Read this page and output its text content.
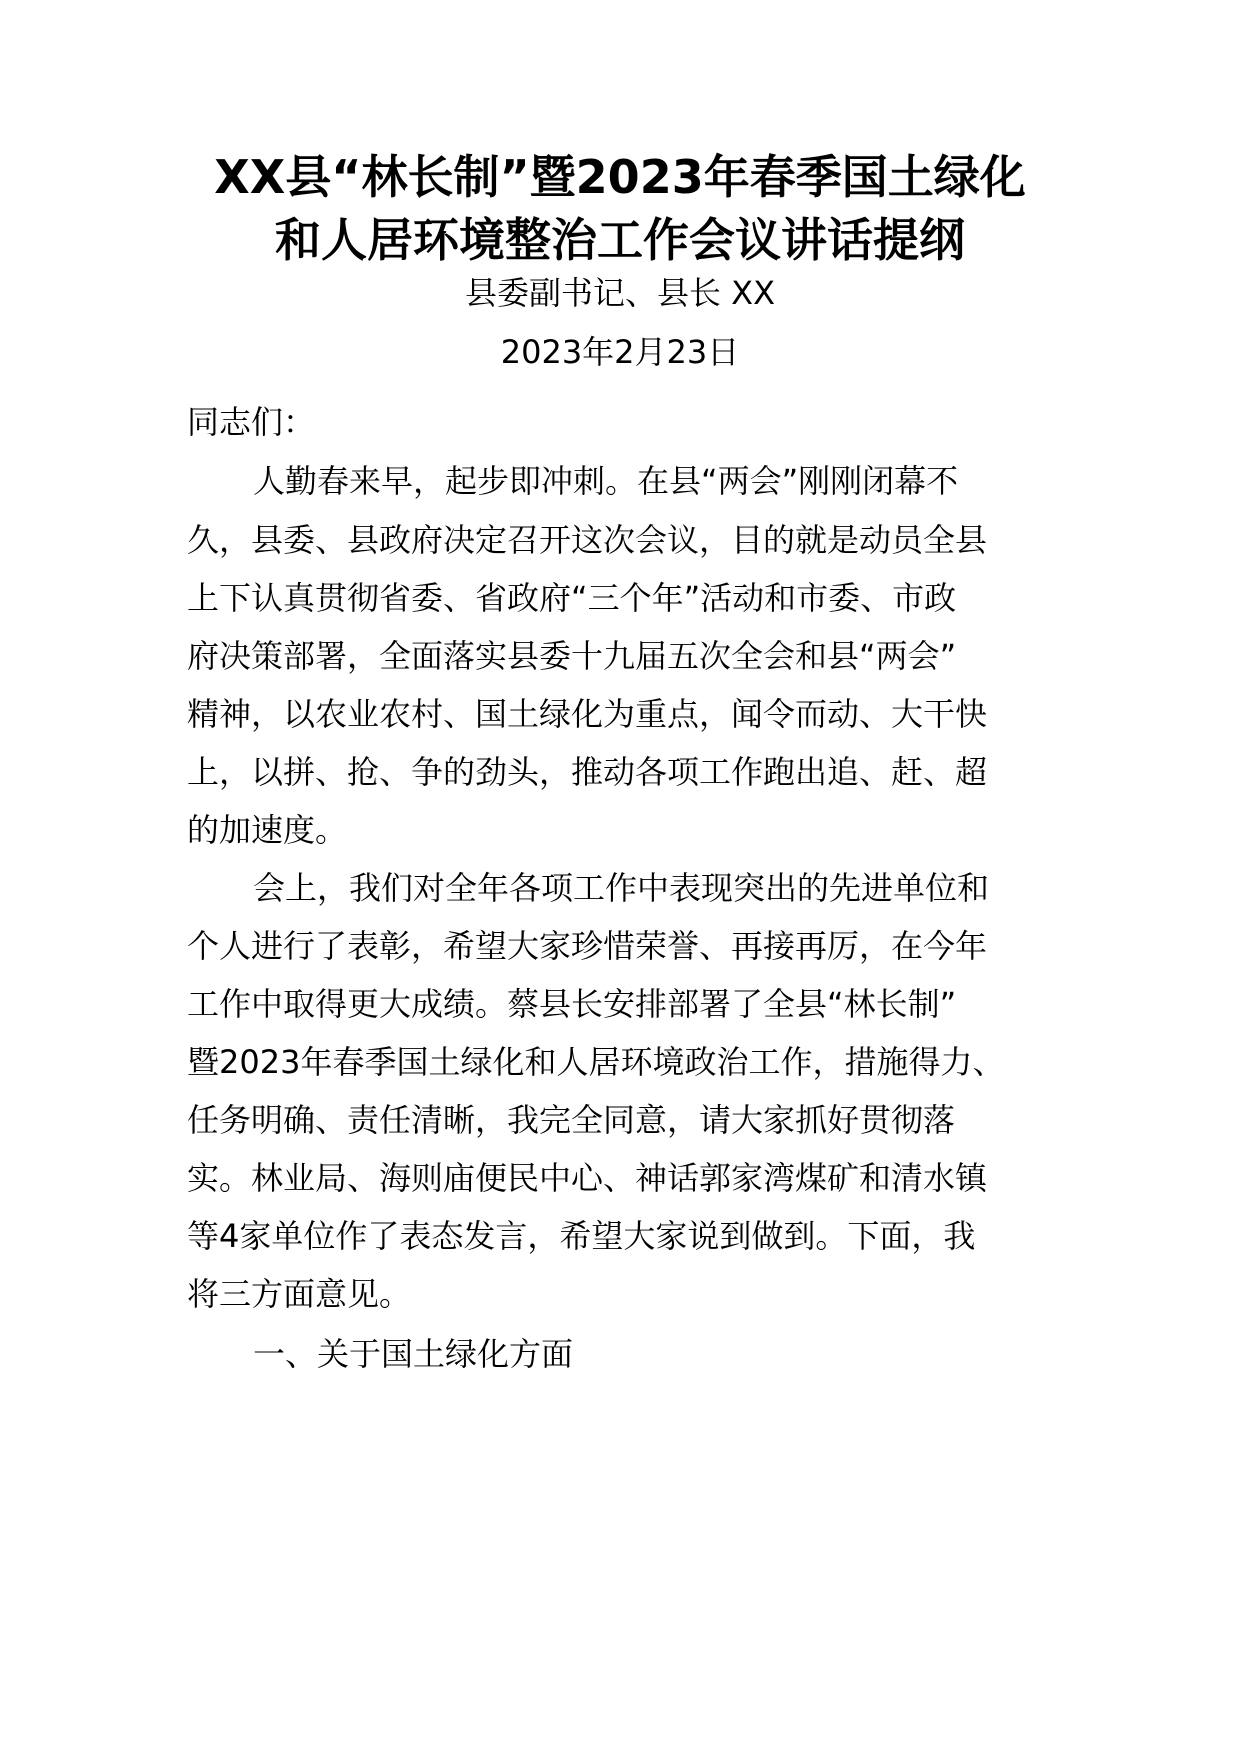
XX县“林长制”暨2023年春季国土绿化
和人居环境整治工作会议讲话提纲

县委副书记、县长 XX

2023年2月23日

同志们：

人勤春来早，起步即冲刺。在县“两会”刚刚闭幕不

久，县委、县政府决定召开这次会议，目的就是动员全县

上下认真贯彻省委、省政府“三个年”活动和市委、市政

府决策部署，全面落实县委十九届五次全会和县“两会”

精神，以农业农村、国土绿化为重点，闻令而动、大干快

上，以拼、抢、争的劲头，推动各项工作跑出追、赶、超

的加速度。

会上，我们对全年各项工作中表现突出的先进单位和

个人进行了表彰，希望大家珍惜荣誉、再接再厉，在今年

工作中取得更大成绩。蔡县长安排部署了全县“林长制”

暨2023年春季国土绿化和人居环境政治工作，措施得力、

任务明确、责任清晰，我完全同意，请大家抓好贯彻落

实。林业局、海则庙便民中心、神话郭家湾煤矿和清水镇

等4家单位作了表态发言，希望大家说到做到。下面，我

将三方面意见。

一、关于国土绿化方面
